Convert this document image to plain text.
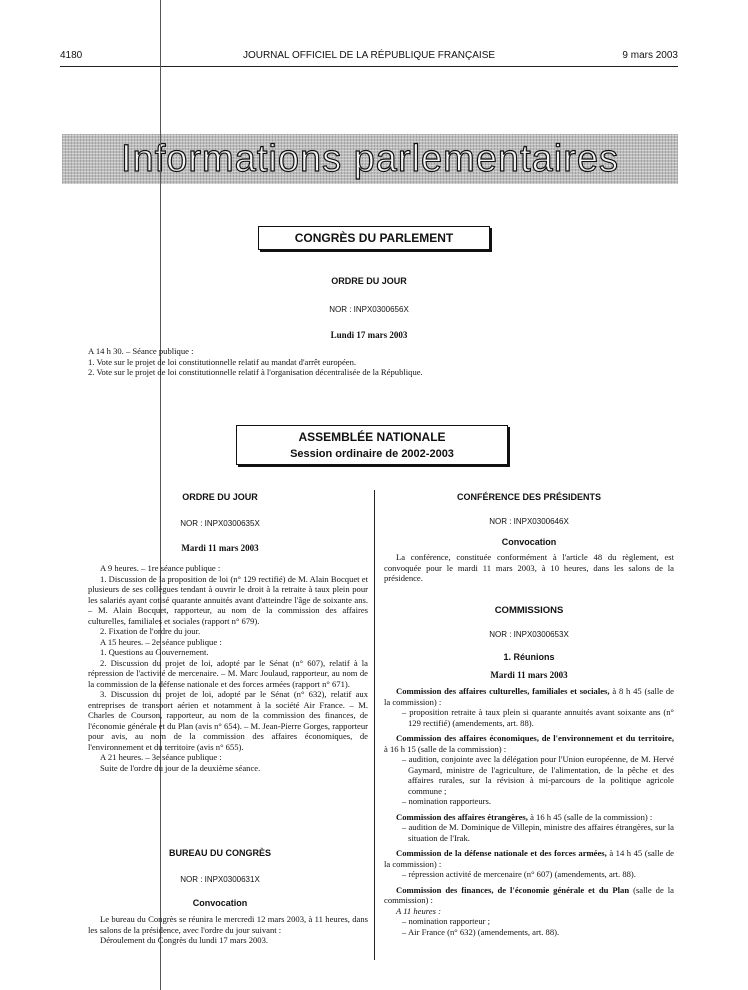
4180	JOURNAL OFFICIEL DE LA RÉPUBLIQUE FRANÇAISE	9 mars 2003
Informations parlementaires
CONGRÈS DU PARLEMENT
ORDRE DU JOUR
NOR : INPX0300656X
Lundi 17 mars 2003

A 14 h 30. – Séance publique :

1. Vote sur le projet de loi constitutionnelle relatif au mandat d'arrêt européen.

2. Vote sur le projet de loi constitutionnelle relatif à l'organisation décentralisée de la République.

ASSEMBLÉE NATIONALE
Session ordinaire de 2002-2003
ORDRE DU JOUR
NOR : INPX0300635X
Mardi 11 mars 2003

A 9 heures. – 1re séance publique :

1. Discussion de la proposition de loi (n° 129 rectifié) de M. Alain Bocquet et plusieurs de ses collègues tendant à ouvrir le droit à la retraite à taux plein pour les salariés ayant cotisé quarante annuités avant d'atteindre l'âge de soixante ans. – M. Alain Bocquet, rapporteur, au nom de la commission des affaires culturelles, familiales et sociales (rapport n° 679).

2. Fixation de l'ordre du jour.

A 15 heures. – 2e séance publique :

1. Questions au Gouvernement.

2. Discussion du projet de loi, adopté par le Sénat (n° 607), relatif à la répression de l'activité de mercenaire. – M. Marc Joulaud, rapporteur, au nom de la commission de la défense nationale et des forces armées (rapport n° 671).

3. Discussion du projet de loi, adopté par le Sénat (n° 632), relatif aux entreprises de transport aérien et notamment à la société Air France. – M. Charles de Courson, rapporteur, au nom de la commission des finances, de l'économie générale et du Plan (avis n° 654). – M. Jean-Pierre Gorges, rapporteur pour avis, au nom de la commission des affaires économiques, de l'environnement et du territoire (avis n° 655).

A 21 heures. – 3e séance publique :

Suite de l'ordre du jour de la deuxième séance.

BUREAU DU CONGRÈS
NOR : INPX0300631X
Convocation

Le bureau du Congrès se réunira le mercredi 12 mars 2003, à 11 heures, dans les salons de la présidence, avec l'ordre du jour suivant :

Déroulement du Congrès du lundi 17 mars 2003.

CONFÉRENCE DES PRÉSIDENTS
NOR : INPX0300646X
Convocation

La conférence, constituée conformément à l'article 48 du règlement, est convoquée pour le mardi 11 mars 2003, à 10 heures, dans les salons de la présidence.

COMMISSIONS
NOR : INPX0300653X
1. Réunions
Mardi 11 mars 2003

Commission des affaires culturelles, familiales et sociales, à 8 h 45 (salle de la commission) :

– proposition retraite à taux plein si quarante annuités avant soixante ans (n° 129 rectifié) (amendements, art. 88).

Commission des affaires économiques, de l'environnement et du territoire, à 16 h 15 (salle de la commission) :

– audition, conjointe avec la délégation pour l'Union européenne, de M. Hervé Gaymard, ministre de l'agriculture, de l'alimentation, de la pêche et des affaires rurales, sur la révision à mi-parcours de la politique agricole commune ;

– nomination rapporteurs.

Commission des affaires étrangères, à 16 h 45 (salle de la commission) :

– audition de M. Dominique de Villepin, ministre des affaires étrangères, sur la situation de l'Irak.

Commission de la défense nationale et des forces armées, à 14 h 45 (salle de la commission) :

– répression activité de mercenaire (n° 607) (amendements, art. 88).

Commission des finances, de l'économie générale et du Plan (salle de la commission) :

A 11 heures :

– nomination rapporteur ;

– Air France (n° 632) (amendements, art. 88).
